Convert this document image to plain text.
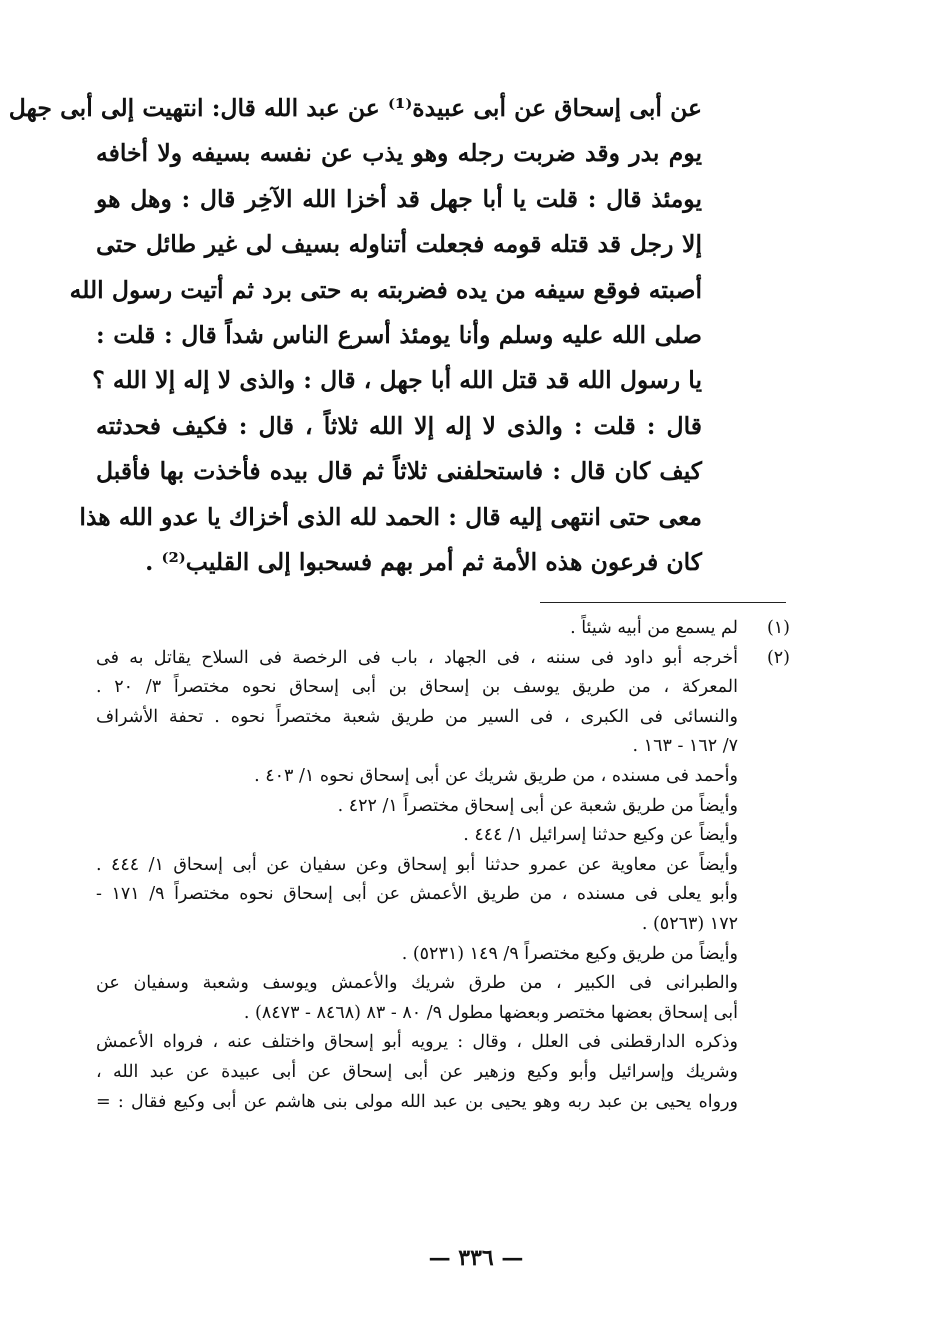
عن أبى إسحاق عن أبى عبيدة⁽¹⁾ عن عبد الله قال: انتهيت إلى أبى جهل
يوم بدر وقد ضربت رجله وهو يذب عن نفسه بسيفه ولا أخافه
يومئذ قال : قلت يا أبا جهل قد أخزا الله الآخِر قال : وهل هو
إلا رجل قد قتله قومه فجعلت أتناوله بسيف لى غير طائل حتى
أصبته فوقع سيفه من يده فضربته به حتى برد ثم أتيت رسول الله
صلى الله عليه وسلم وأنا يومئذ أسرع الناس شداً قال : قلت :
يا رسول الله قد قتل الله أبا جهل ، قال : والذى لا إله إلا الله ؟
قال : قلت : والذى لا إله إلا الله ثلاثاً ، قال : فكيف فحدثته
كيف كان قال : فاستحلفنى ثلاثاً ثم قال بيده فأخذت بها فأقبل
معى حتى انتهى إليه قال : الحمد لله الذى أخزاك يا عدو الله هذا
كان فرعون هذه الأمة ثم أمر بهم فسحبوا إلى القليب⁽²⁾ .
(١)
لم يسمع من أبيه شيئاً .
(٢)
أخرجه أبو داود فى سننه ، فى الجهاد ، باب فى الرخصة فى السلاح يقاتل به فى
المعركة ، من طريق يوسف بن إسحاق بن أبى إسحاق نحوه مختصراً ٣/ ٢٠ .
والنسائى فى الكبرى ، فى السير من طريق شعبة مختصراً نحوه . تحفة الأشراف
٧/ ١٦٢ - ١٦٣ .
وأحمد فى مسنده ، من طريق شريك عن أبى إسحاق نحوه ١/ ٤٠٣ .
وأيضاً من طريق شعبة عن أبى إسحاق مختصراً ١/ ٤٢٢ .
وأيضاً عن وكيع حدثنا إسرائيل ١/ ٤٤٤ .
وأيضاً عن معاوية عن عمرو حدثنا أبو إسحاق وعن سفيان عن أبى إسحاق ١/ ٤٤٤ .
وأبو يعلى فى مسنده ، من طريق الأعمش عن أبى إسحاق نحوه مختصراً ٩/ ١٧١ -
١٧٢ (٥٢٦٣) .
وأيضاً من طريق وكيع مختصراً ٩/ ١٤٩ (٥٢٣١) .
والطبرانى فى الكبير ، من طرق شريك والأعمش ويوسف وشعبة وسفيان عن
أبى إسحاق بعضها مختصر وبعضها مطول ٩/ ٨٠ - ٨٣ (٨٤٦٨ - ٨٤٧٣) .
وذكره الدارقطنى فى العلل ، وقال : يرويه أبو إسحاق واختلف عنه ، فرواه الأعمش
وشريك وإسرائيل وأبو وكيع وزهير عن أبى إسحاق عن أبى عبيدة عن عبد الله ،
ورواه يحيى بن عبد ربه وهو يحيى بن عبد الله مولى بنى هاشم عن أبى وكيع فقال : =
— ٣٣٦ —
